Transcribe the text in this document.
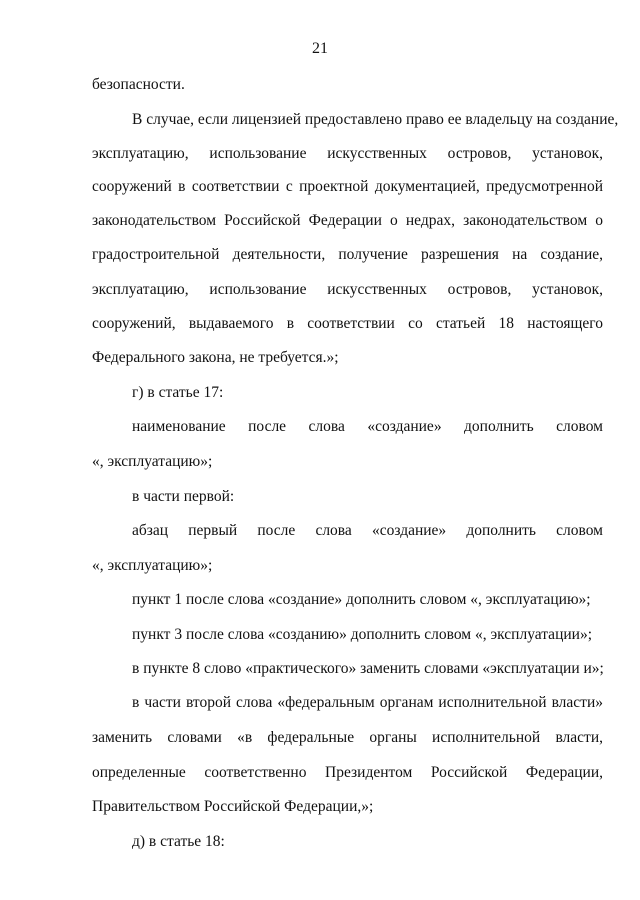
21
безопасности.
В случае, если лицензией предоставлено право ее владельцу на создание,
эксплуатацию, использование искусственных островов, установок,
сооружений в соответствии с проектной документацией, предусмотренной
законодательством Российской Федерации о недрах, законодательством о
градостроительной деятельности, получение разрешения на создание,
эксплуатацию, использование искусственных островов, установок,
сооружений, выдаваемого в соответствии со статьей 18 настоящего
Федерального закона, не требуется.»;
г) в статье 17:
наименование после слова «создание» дополнить словом
«, эксплуатацию»;
в части первой:
абзац первый после слова «создание» дополнить словом
«, эксплуатацию»;
пункт 1 после слова «создание» дополнить словом «, эксплуатацию»;
пункт 3 после слова «созданию» дополнить словом «, эксплуатации»;
в пункте 8 слово «практического» заменить словами «эксплуатации и»;
в части второй слова «федеральным органам исполнительной власти»
заменить словами «в федеральные органы исполнительной власти,
определенные соответственно Президентом Российской Федерации,
Правительством Российской Федерации,»;
д) в статье 18:
